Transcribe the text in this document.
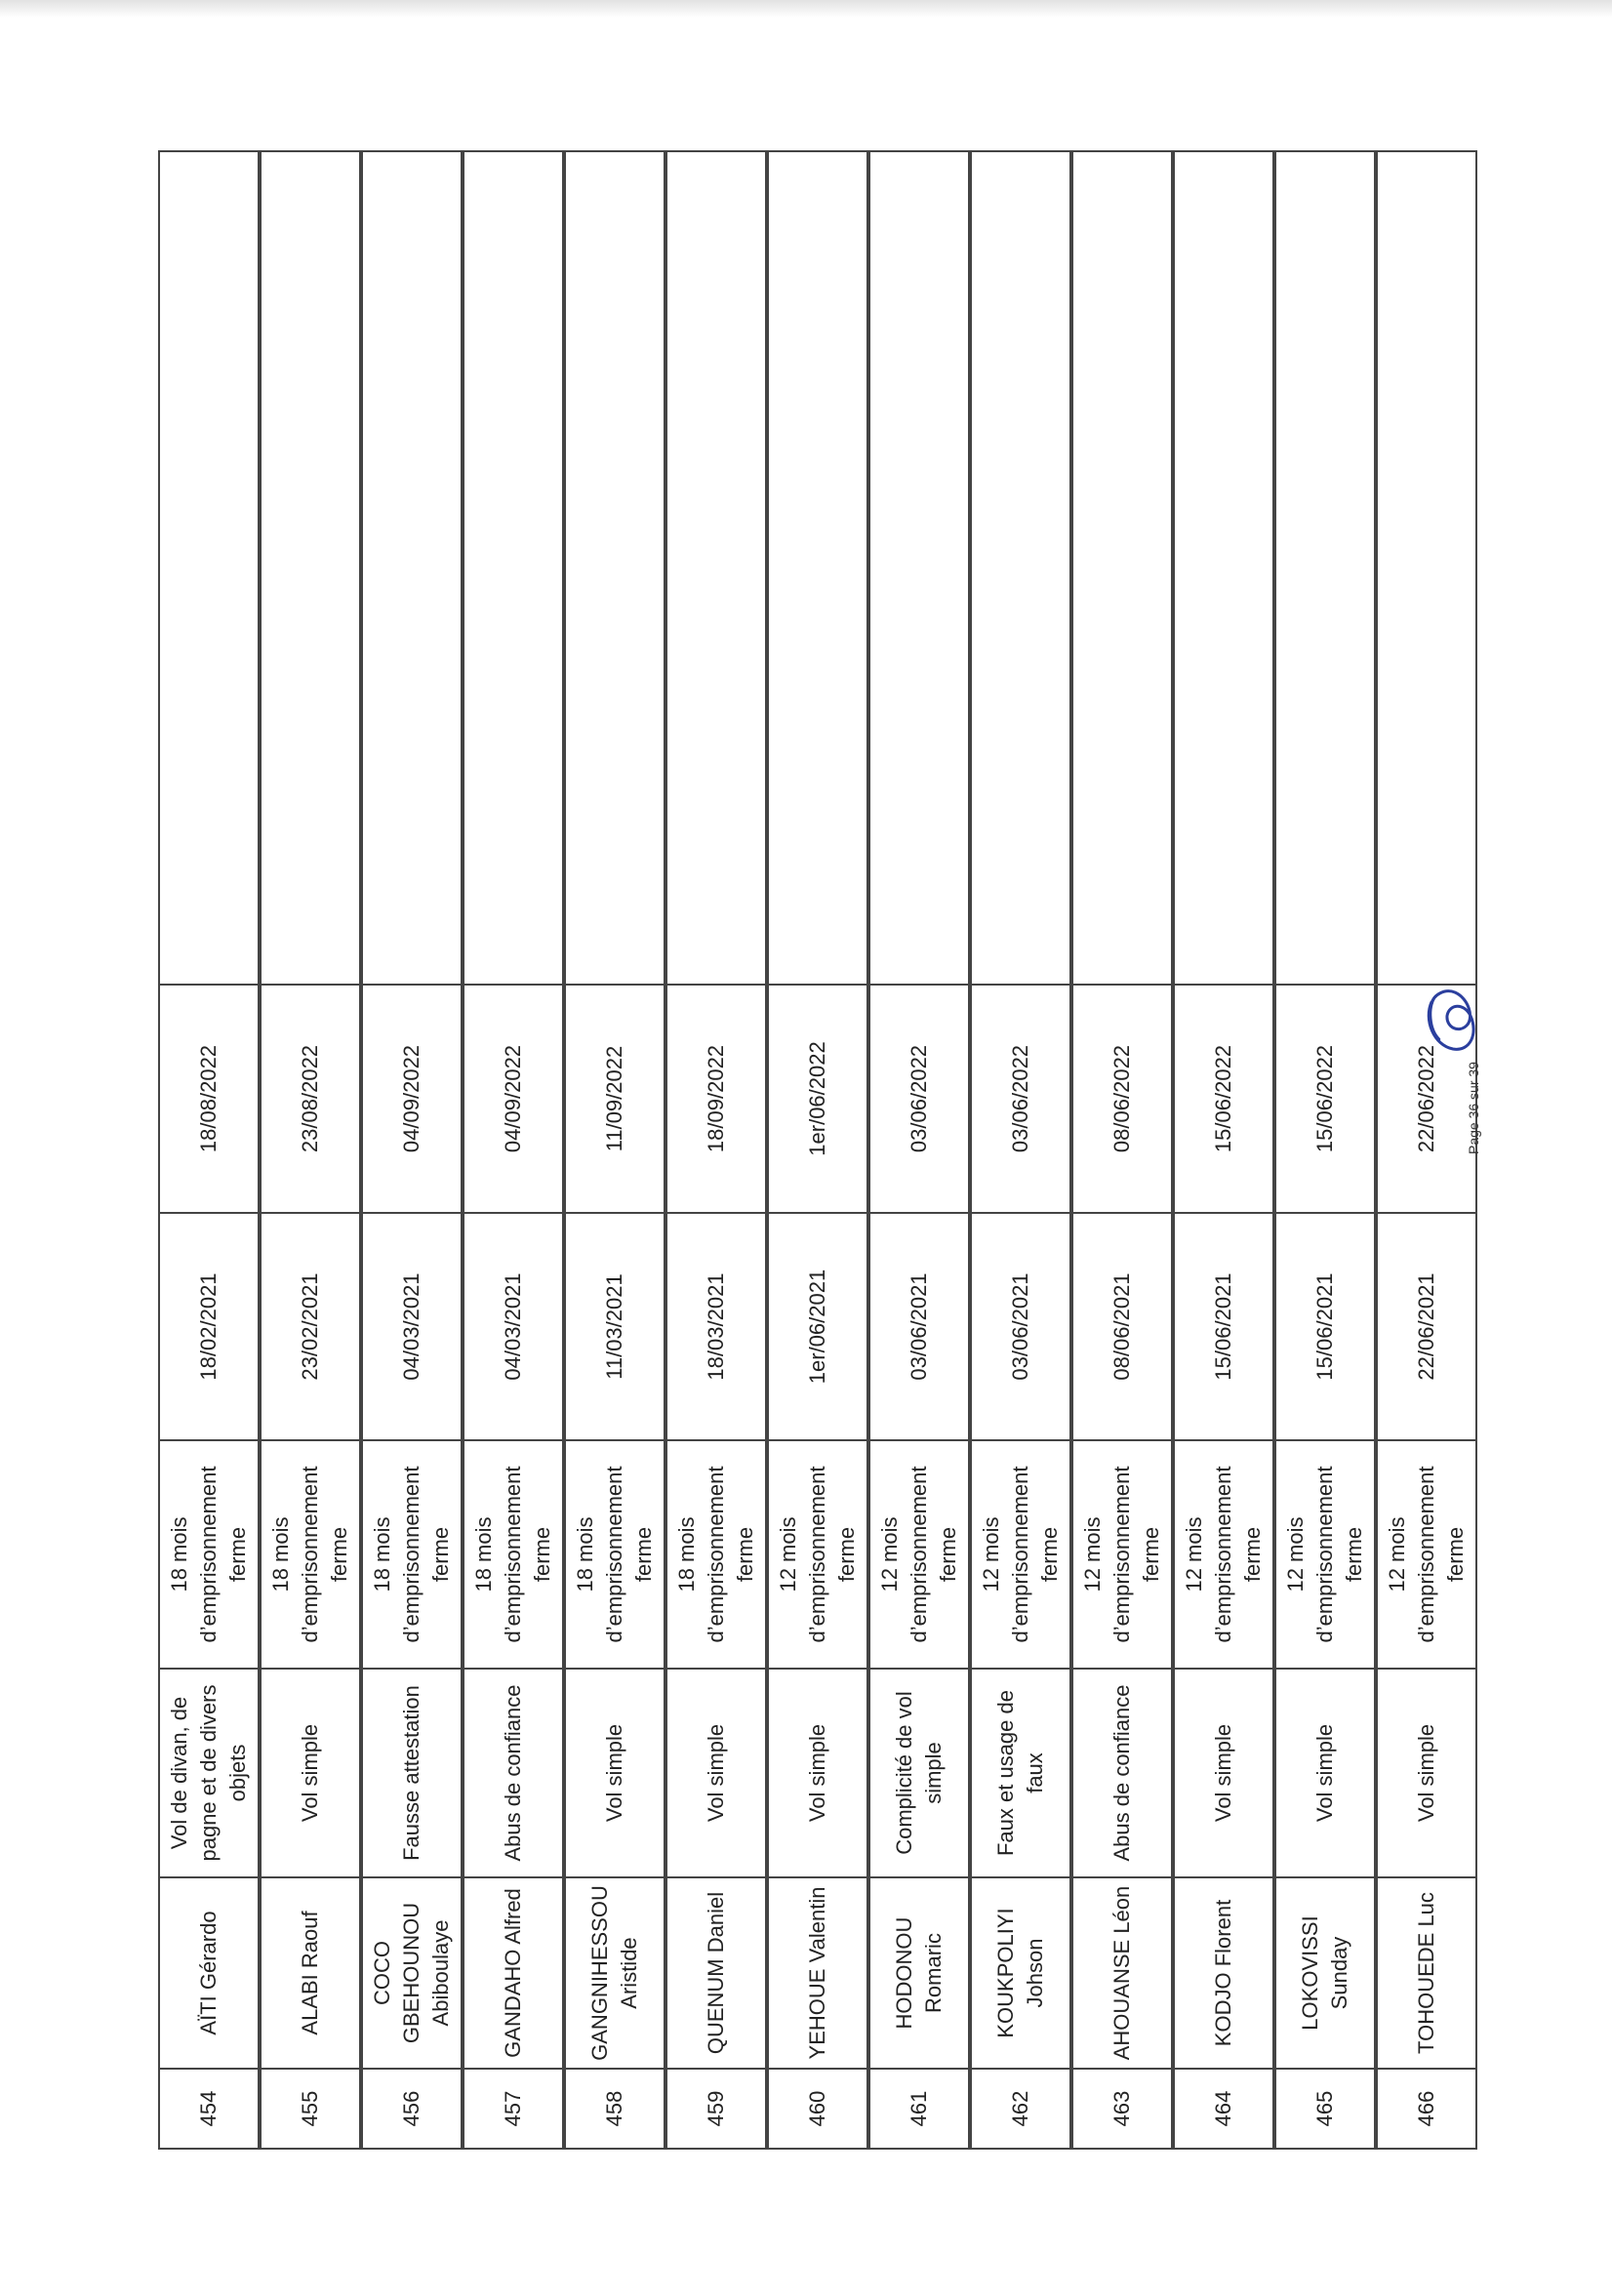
454	AÏTI Gérardo	Vol de divan, de pagne et de divers objets	18 mois d’emprisonnement ferme	18/02/2021	18/08/2022	

455	ALABI Raouf	Vol simple	18 mois d’emprisonnement ferme	23/02/2021	23/08/2022	

456	COCO GBEHOUNOU Abiboulaye	Fausse attestation	18 mois d’emprisonnement ferme	04/03/2021	04/09/2022	

457	GANDAHO Alfred	Abus de confiance	18 mois d’emprisonnement ferme	04/03/2021	04/09/2022	

458	GANGNIHESSOU Aristide	Vol simple	18 mois d’emprisonnement ferme	11/03/2021	11/09/2022	

459	QUENUM Daniel	Vol simple	18 mois d’emprisonnement ferme	18/03/2021	18/09/2022	

460	YEHOUE Valentin	Vol simple	12 mois d’emprisonnement ferme	1er/06/2021	1er/06/2022	

461	HODONOU Romaric	Complicité de vol simple	12 mois d’emprisonnement ferme	03/06/2021	03/06/2022	

462	KOUKPOLIYI Johson	Faux et usage de faux	12 mois d’emprisonnement ferme	03/06/2021	03/06/2022	

463	AHOUANSE Léon	Abus de confiance	12 mois d’emprisonnement ferme	08/06/2021	08/06/2022	

464	KODJO Florent	Vol simple	12 mois d’emprisonnement ferme	15/06/2021	15/06/2022	

465	LOKOVISSI Sunday	Vol simple	12 mois d’emprisonnement ferme	15/06/2021	15/06/2022	

466	TOHOUEDE Luc	Vol simple	12 mois d’emprisonnement ferme	22/06/2021	22/06/2022	Page 36 sur 39
